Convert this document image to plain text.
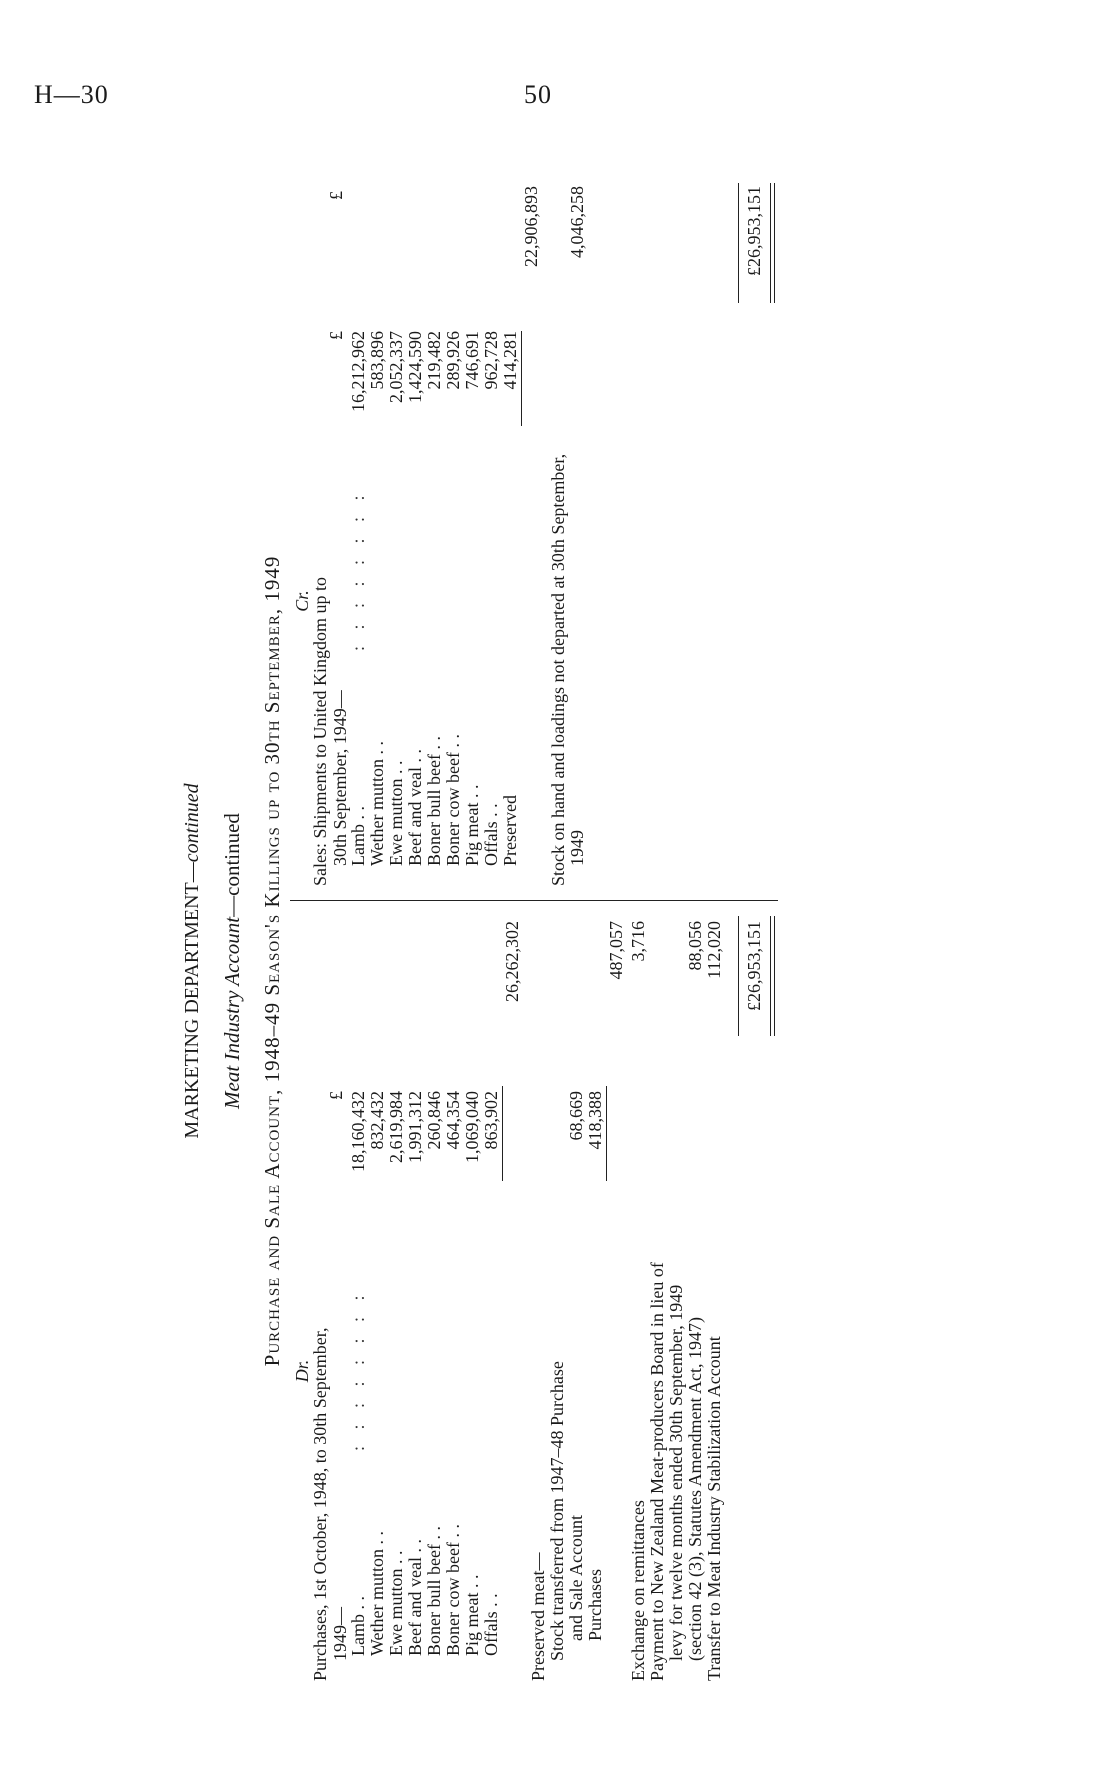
H—30	50
MARKETING DEPARTMENT—continued
Meat Industry Account—continued Purchase and Sale Account, 1948–49 Season's Killings up to 30th September, 1949
Dr.
Purchases, 1st October, 1948, to 30th September, 1949—
£
Lamb . .
18,160,432
Wether mutton . .
832,432
Ewe mutton . .
2,619,984
Beef and veal . .
1,991,312
Boner bull beef . .
260,846
Boner cow beef . .
464,354
Pig meat . .
1,069,040
Offals . .
863,902
: : : : : : : :
26,262,302
Preserved meat— Stock transferred from 1947–48 Purchase and Sale Account
68,669
Purchases
418,388
487,057
Exchange on remittances
3,716
Payment to New Zealand Meat-producers Board in lieu of levy for twelve months ended 30th September, 1949 (section 42 (3), Statutes Amendment Act, 1947)
88,056
Transfer to Meat Industry Stabilization Account
112,020 £26,953,151
Cr.
Sales: Shipments to United Kingdom up to 30th September, 1949—
£
£
Lamb . .
16,212,962
Wether mutton . .
583,896
Ewe mutton . .
2,052,337
Beef and veal . .
1,424,590
Boner bull beef . .
219,482
Boner cow beef . .
289,926
Pig meat . .
746,691
Offals . .
962,728
Preserved
414,281
: : : : : : : :
22,906,893
Stock on hand and loadings not departed at 30th September, 1949
4,046,258	£26,953,151
